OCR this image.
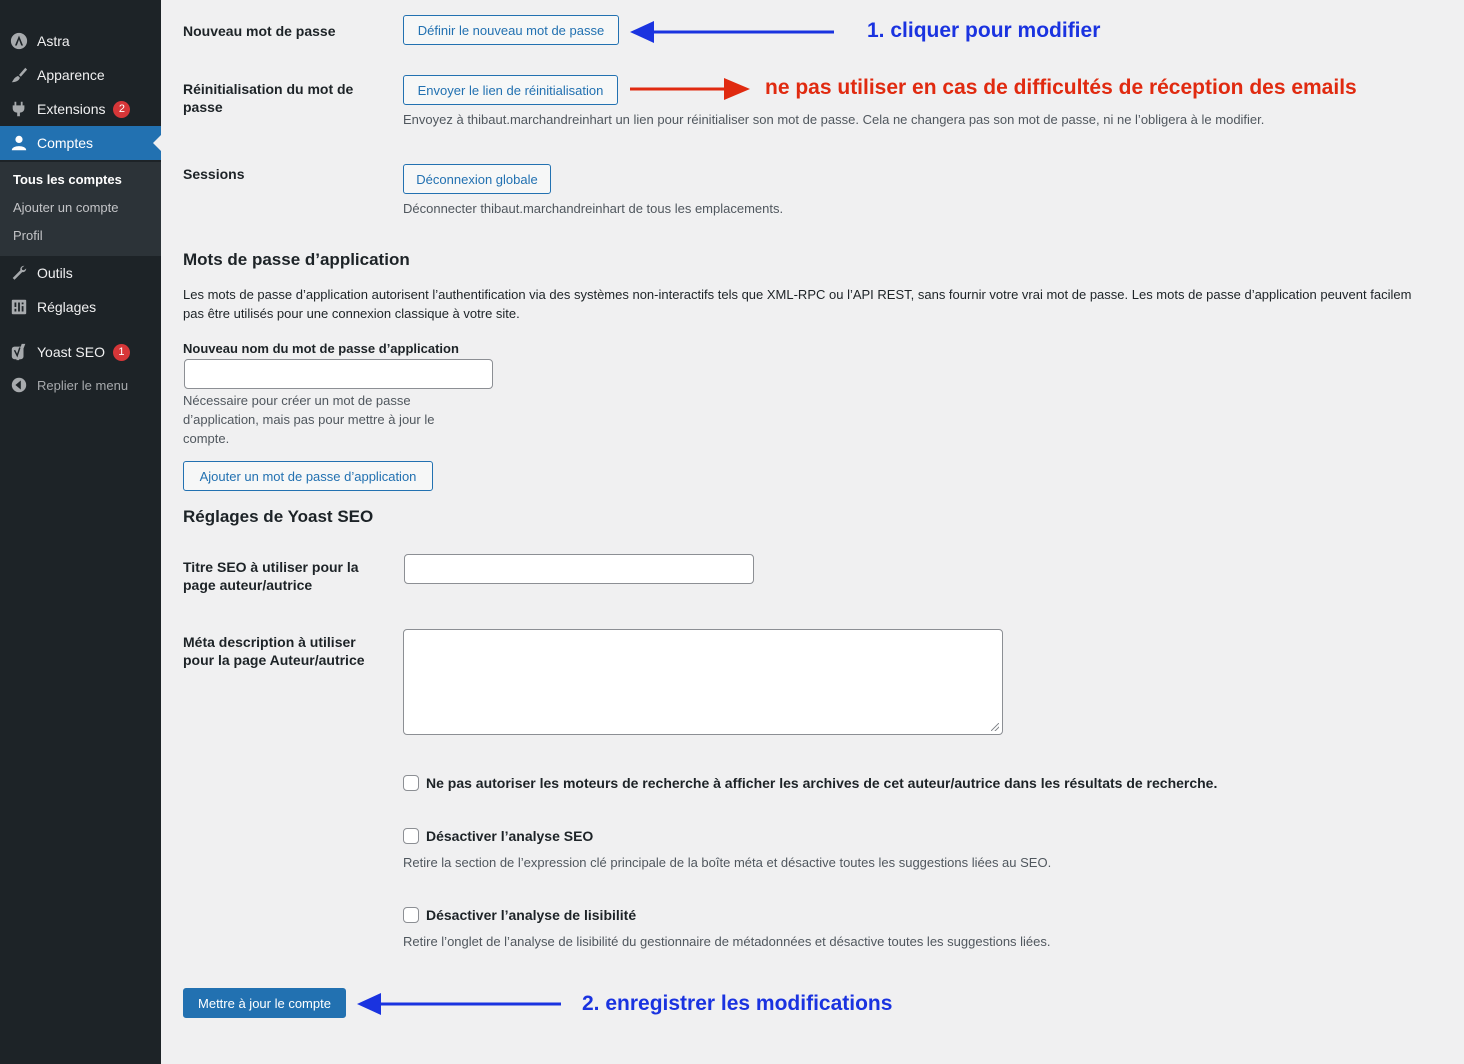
Astra
Apparence
Extensions	2
Comptes
Tous les comptes
Ajouter un compte
Profil
Outils
Réglages
Yoast SEO	1
Replier le menu
Nouveau mot de passe	Définir le nouveau mot de passe	1. cliquer pour modifier
Réinitialisation du mot de
passe
Envoyer le lien de réinitialisation	ne pas utiliser en cas de difficultés de réception des emails
Envoyez à thibaut.marchandreinhart un lien pour réinitialiser son mot de passe. Cela ne changera pas son mot de passe, ni ne l’obligera à le modifier.
Sessions	Déconnexion globale
Déconnecter thibaut.marchandreinhart de tous les emplacements.
Mots de passe d’application
Les mots de passe d’application autorisent l’authentification via des systèmes non-interactifs tels que XML-RPC ou l’API REST, sans fournir votre vrai mot de passe. Les mots de passe d’application peuvent facilem
pas être utilisés pour une connexion classique à votre site.
Nouveau nom du mot de passe d’application
Nécessaire pour créer un mot de passe
d’application, mais pas pour mettre à jour le
compte.
Ajouter un mot de passe d’application
Réglages de Yoast SEO
Titre SEO à utiliser pour la
page auteur/autrice
Méta description à utiliser
pour la page Auteur/autrice
Ne pas autoriser les moteurs de recherche à afficher les archives de cet auteur/autrice dans les résultats de recherche.
Désactiver l’analyse SEO
Retire la section de l’expression clé principale de la boîte méta et désactive toutes les suggestions liées au SEO.
Désactiver l’analyse de lisibilité
Retire l’onglet de l’analyse de lisibilité du gestionnaire de métadonnées et désactive toutes les suggestions liées.
Mettre à jour le compte	2. enregistrer les modifications
